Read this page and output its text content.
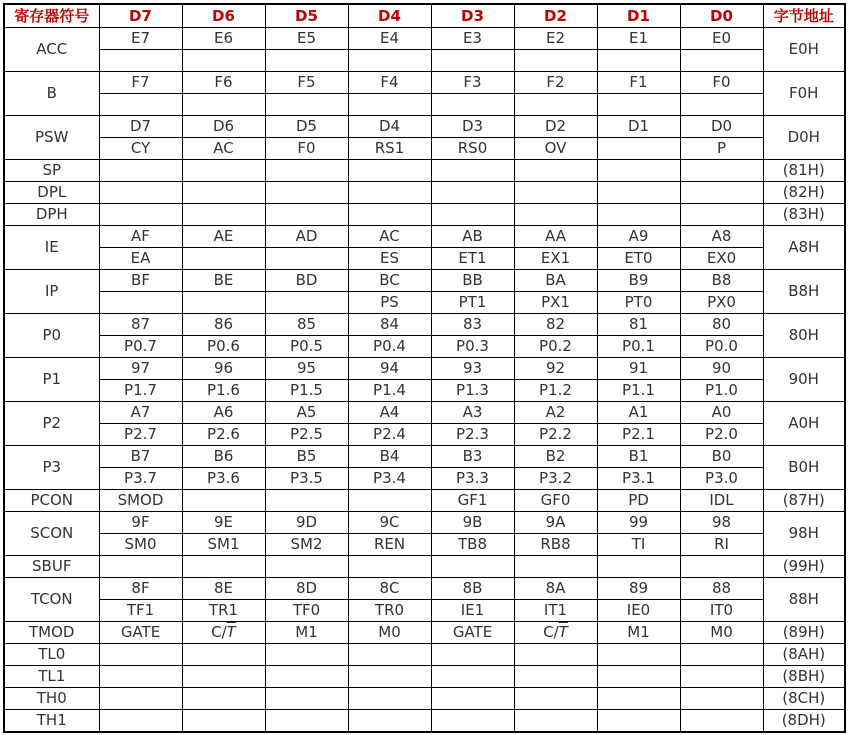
寄存器符号	D7	D6	D5	D4	D3	D2	D1	D0	字节地址
ACC	E7	E6	E5	E4	E3	E2	E1	E0	E0H

B	F7	F6	F5	F4	F3	F2	F1	F0	F0H

PSW	D7	D6	D5	D4	D3	D2	D1	D0	D0H
	CY	AC	F0	RS1	RS0	OV		P	
SP									(81H)
DPL									(82H)
DPH									(83H)
IE	AF	AE	AD	AC	AB	AA	A9	A8	A8H
	EA			ES	ET1	EX1	ET0	EX0	
IP	BF	BE	BD	BC	BB	BA	B9	B8	B8H
				PS	PT1	PX1	PT0	PX0	
P0	87	86	85	84	83	82	81	80	80H
	P0.7	P0.6	P0.5	P0.4	P0.3	P0.2	P0.1	P0.0	
P1	97	96	95	94	93	92	91	90	90H
	P1.7	P1.6	P1.5	P1.4	P1.3	P1.2	P1.1	P1.0	
P2	A7	A6	A5	A4	A3	A2	A1	A0	A0H
	P2.7	P2.6	P2.5	P2.4	P2.3	P2.2	P2.1	P2.0	
P3	B7	B6	B5	B4	B3	B2	B1	B0	B0H
	P3.7	P3.6	P3.5	P3.4	P3.3	P3.2	P3.1	P3.0	
PCON	SMOD				GF1	GF0	PD	IDL	(87H)
SCON	9F	9E	9D	9C	9B	9A	99	98	98H
	SM0	SM1	SM2	REN	TB8	RB8	TI	RI	
SBUF									(99H)
TCON	8F	8E	8D	8C	8B	8A	89	88	88H
	TF1	TR1	TF0	TR0	IE1	IT1	IE0	IT0	
TMOD	GATE	$C/\overline{T}$	M1	M0	GATE	$C/\overline{T}$	M1	M0	(89H)
TL0									(8AH)
TL1									(8BH)
TH0									(8CH)
TH1									(8DH)
